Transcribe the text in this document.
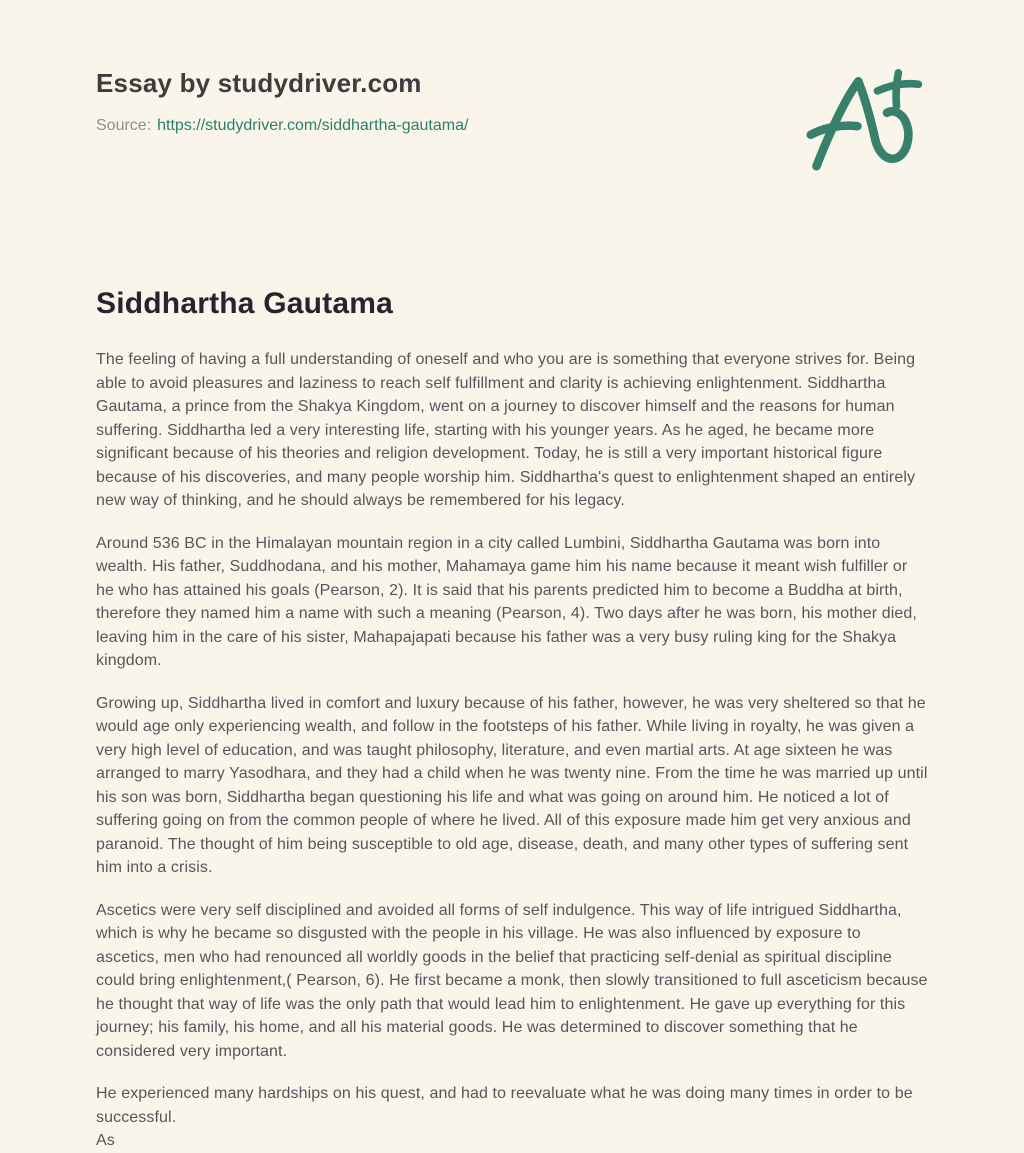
Essay by studydriver.com
Source: https://studydriver.com/siddhartha-gautama/
Siddhartha Gautama

The feeling of having a full understanding of oneself and who you are is something that everyone strives for. Being able to avoid pleasures and laziness to reach self fulfillment and clarity is achieving enlightenment. Siddhartha Gautama, a prince from the Shakya Kingdom, went on a journey to discover himself and the reasons for human suffering. Siddhartha led a very interesting life, starting with his younger years. As he aged, he became more significant because of his theories and religion development. Today, he is still a very important historical figure because of his discoveries, and many people worship him. Siddhartha's quest to enlightenment shaped an entirely new way of thinking, and he should always be remembered for his legacy.

Around 536 BC in the Himalayan mountain region in a city called Lumbini, Siddhartha Gautama was born into wealth. His father, Suddhodana, and his mother, Mahamaya game him his name because it meant wish fulfiller or he who has attained his goals (Pearson, 2). It is said that his parents predicted him to become a Buddha at birth, therefore they named him a name with such a meaning (Pearson, 4). Two days after he was born, his mother died, leaving him in the care of his sister, Mahapajapati because his father was a very busy ruling king for the Shakya kingdom.

Growing up, Siddhartha lived in comfort and luxury because of his father, however, he was very sheltered so that he would age only experiencing wealth, and follow in the footsteps of his father. While living in royalty, he was given a very high level of education, and was taught philosophy, literature, and even martial arts. At age sixteen he was arranged to marry Yasodhara, and they had a child when he was twenty nine. From the time he was married up until his son was born, Siddhartha began questioning his life and what was going on around him. He noticed a lot of suffering going on from the common people of where he lived. All of this exposure made him get very anxious and paranoid. The thought of him being susceptible to old age, disease, death, and many other types of suffering sent him into a crisis.

Ascetics were very self disciplined and avoided all forms of self indulgence. This way of life intrigued Siddhartha, which is why he became so disgusted with the people in his village. He was also influenced by exposure to ascetics, men who had renounced all worldly goods in the belief that practicing self-denial as spiritual discipline could bring enlightenment,( Pearson, 6). He first became a monk, then slowly transitioned to full asceticism because he thought that way of life was the only path that would lead him to enlightenment. He gave up everything for this journey; his family, his home, and all his material goods. He was determined to discover something that he considered very important.

He experienced many hardships on his quest, and had to reevaluate what he was doing many times in order to be successful.
As
